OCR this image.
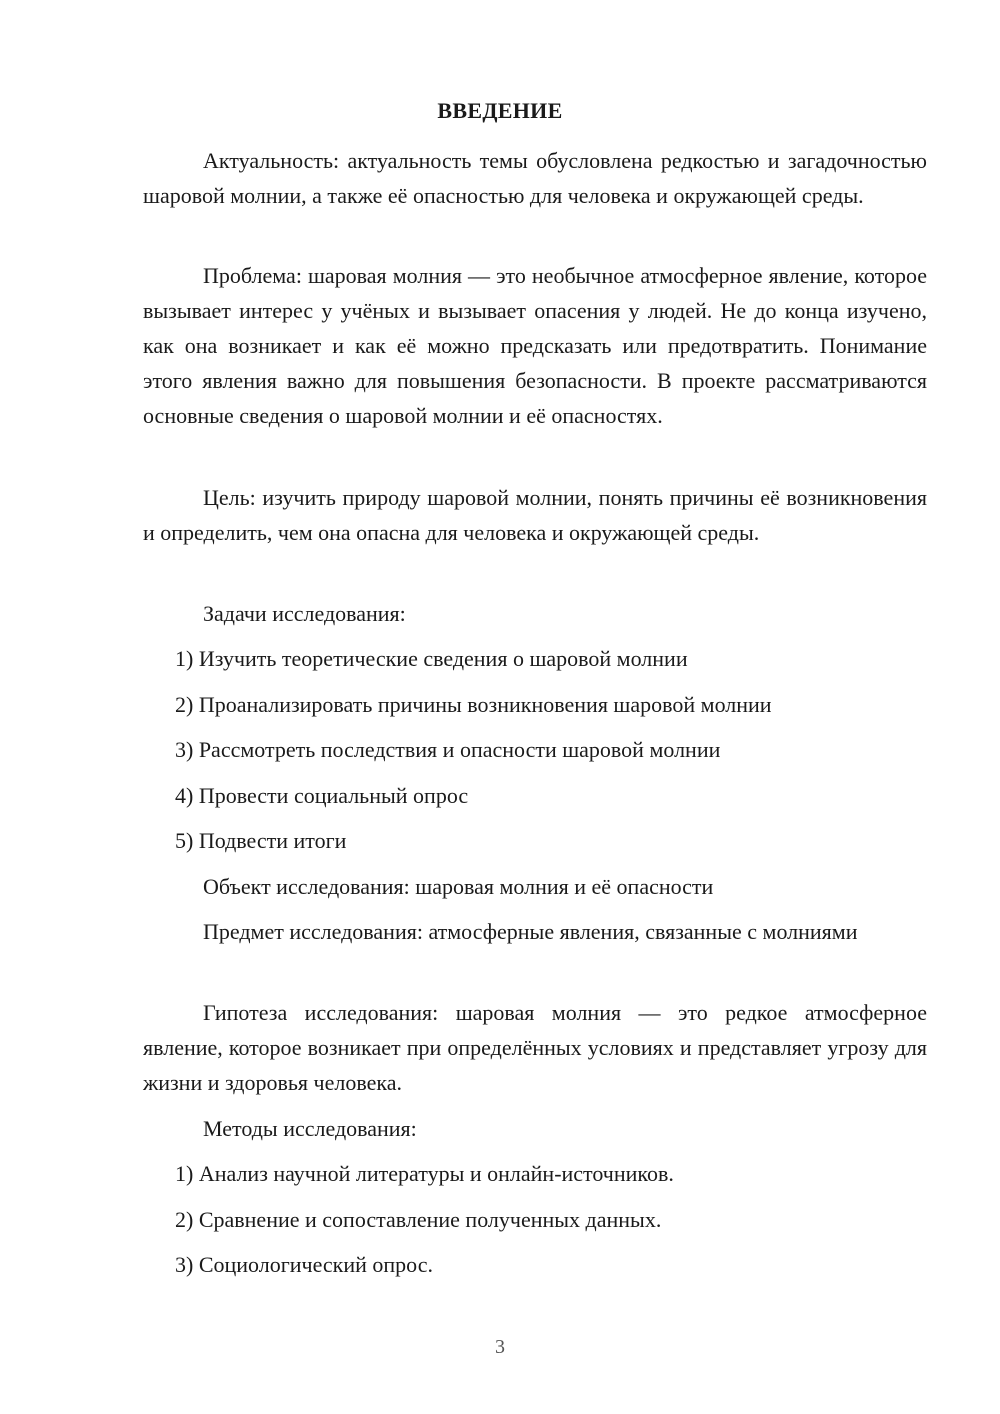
ВВЕДЕНИЕ

Актуальность: актуальность темы обусловлена редкостью и загадочностью шаровой молнии, а также её опасностью для человека и окружающей среды.

Проблема: шаровая молния — это необычное атмосферное явление, которое вызывает интерес у учёных и вызывает опасения у людей. Не до конца изучено, как она возникает и как её можно предсказать или предотвратить. Понимание этого явления важно для повышения безопасности. В проекте рассматриваются основные сведения о шаровой молнии и её опасностях.

Цель: изучить природу шаровой молнии, понять причины её возникновения и определить, чем она опасна для человека и окружающей среды.

Задачи исследования:

1) Изучить теоретические сведения о шаровой молнии

2) Проанализировать причины возникновения шаровой молнии

3) Рассмотреть последствия и опасности шаровой молнии

4) Провести социальный опрос

5) Подвести итоги

Объект исследования: шаровая молния и её опасности

Предмет исследования: атмосферные явления, связанные с молниями

Гипотеза исследования: шаровая молния — это редкое атмосферное явление, которое возникает при определённых условиях и представляет угрозу для жизни и здоровья человека.

Методы исследования:

1) Анализ научной литературы и онлайн-источников.

2) Сравнение и сопоставление полученных данных.

3) Социологический опрос.

3
